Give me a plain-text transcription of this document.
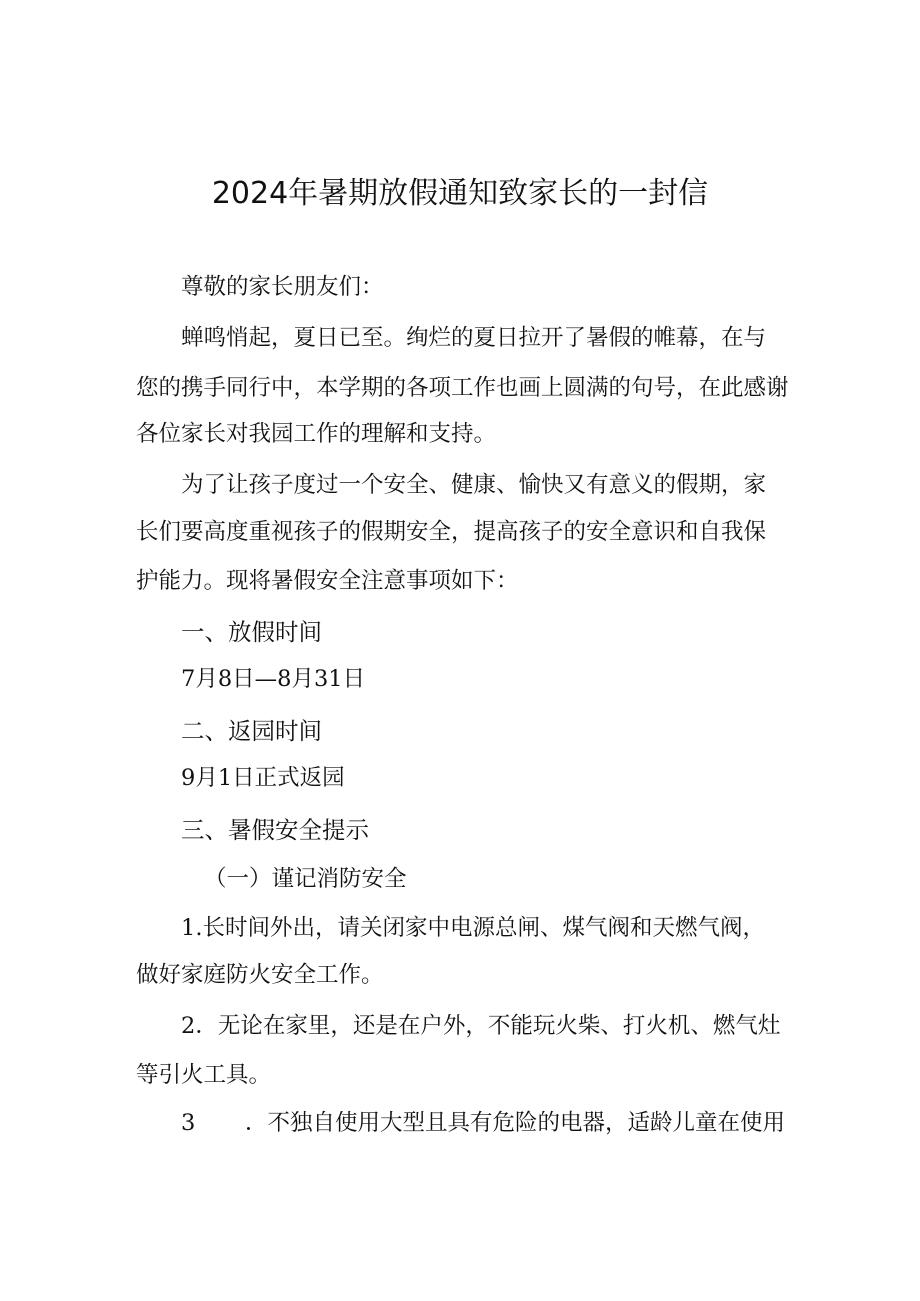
2024年暑期放假通知致家长的一封信
尊敬的家长朋友们：
蝉鸣悄起，夏日已至。绚烂的夏日拉开了暑假的帷幕，在与
您的携手同行中，本学期的各项工作也画上圆满的句号，在此感谢
各位家长对我园工作的理解和支持。
为了让孩子度过一个安全、健康、愉快又有意义的假期，家
长们要高度重视孩子的假期安全，提高孩子的安全意识和自我保
护能力。现将暑假安全注意事项如下：
一、放假时间
7月8日—8月31日
二、返园时间
9月1日正式返园
三、暑假安全提示
（一）谨记消防安全
1.长时间外出，请关闭家中电源总闸、煤气阀和天燃气阀，
做好家庭防火安全工作。
2．无论在家里，还是在户外，不能玩火柴、打火机、燃气灶
等引火工具。
3	．不独自使用大型且具有危险的电器，适龄儿童在使用
